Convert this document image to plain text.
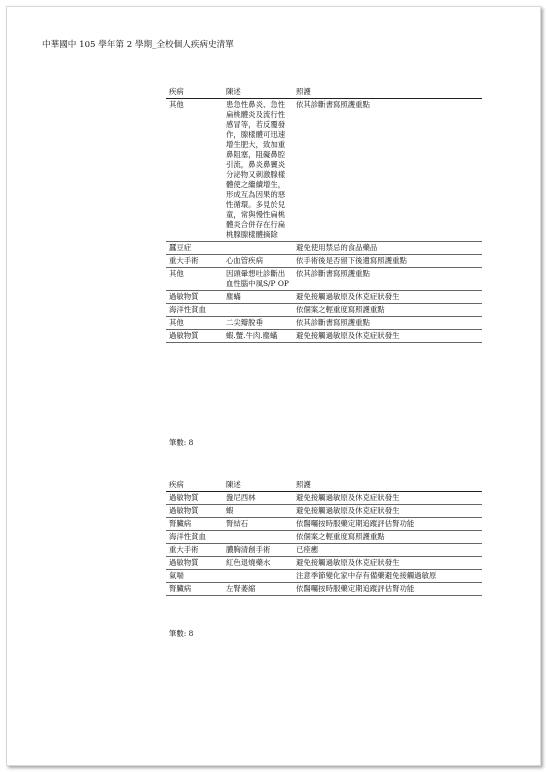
中華國中 105 學年第 2 學期_全校個人疾病史清單
疾病	陳述	照護
其他	患急性鼻炎、急性扁桃體炎及流行性感冒等，若反覆發作，腺樣體可迅速增生肥大，致加重鼻阻塞，阻礙鼻腔引流，鼻炎鼻竇炎分泌物又刺激腺樣體使之繼續增生，形成互為因果的惡性循環。多見於兒童，常與慢性扁桃體炎合併存在行扁桃腺腺樣體摘除	依其診斷書寫照護重點
蠶豆症		避免使用禁忌的食品藥品
重大手術	心血管疾病	依手術後是否留下後遺寫照護重點
其他	因頭暈想吐診斷出血性腦中風S/P OP	依其診斷書寫照護重點
過敏物質	塵蟎	避免接觸過敏原及休克症狀發生
海洋性貧血		依個案之輕重度寫照護重點
其他	二尖瓣脫垂	依其診斷書寫照護重點
過敏物質	蝦.蟹.牛肉.塵蟎	避免接觸過敏原及休克症狀發生
筆數: 8
疾病	陳述	照護
過敏物質	盤尼西林	避免接觸過敏原及休克症狀發生
過敏物質	蝦	避免接觸過敏原及休克症狀發生
腎臟病	腎結石	依醫囑按時服藥定期追蹤評估腎功能
海洋性貧血		依個案之輕重度寫照護重點
重大手術	膿胸清創手術	已痊癒
過敏物質	紅色退燒藥水	避免接觸過敏原及休克症狀發生
氣喘		注意季節變化家中存有備藥避免接觸過敏原
腎臟病	左腎萎縮	依醫囑按時服藥定期追蹤評估腎功能
筆數: 8
